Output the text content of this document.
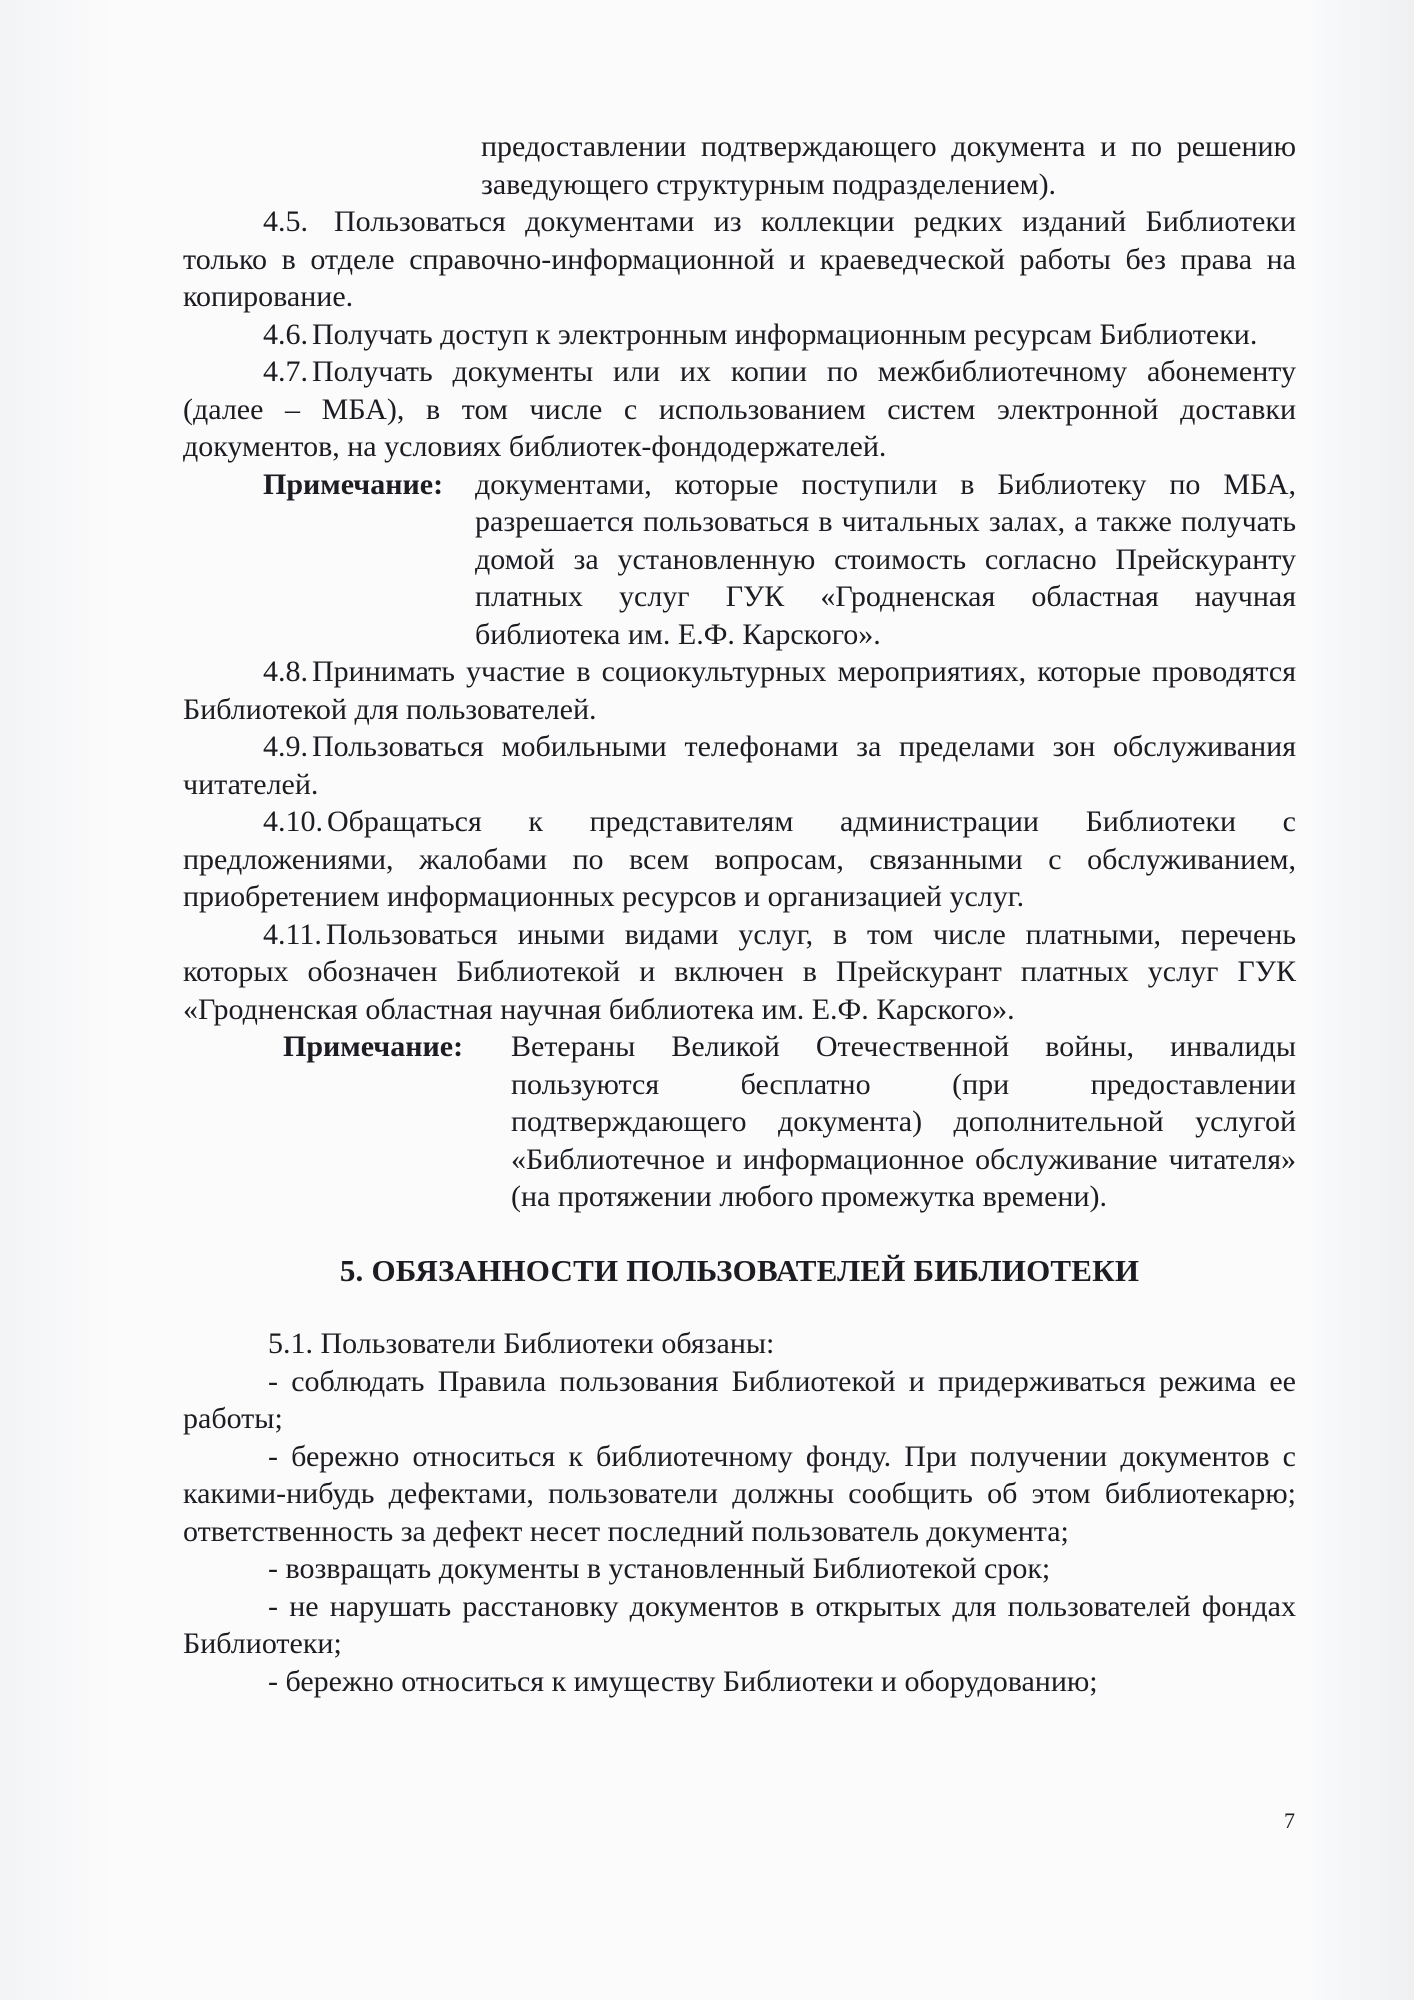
предоставлении подтверждающего документа и по решению заведующего структурным подразделением).

4.5. Пользоваться документами из коллекции редких изданий Библиотеки только в отделе справочно-информационной и краеведческой работы без права на копирование.

4.6. Получать доступ к электронным информационным ресурсам Библиотеки.

4.7. Получать документы или их копии по межбиблиотечному абонементу (далее – МБА), в том числе с использованием систем электронной доставки документов, на условиях библиотек-фондодержателей.

Примечание:	документами, которые поступили в Библиотеку по МБА, разрешается пользоваться в читальных залах, а также получать домой за установленную стоимость согласно Прейскуранту платных услуг ГУК «Гродненская областная научная библиотека им. Е.Ф. Карского».

4.8. Принимать участие в социокультурных мероприятиях, которые проводятся Библиотекой для пользователей.

4.9. Пользоваться мобильными телефонами за пределами зон обслуживания читателей.

4.10. Обращаться к представителям администрации Библиотеки с предложениями, жалобами по всем вопросам, связанными с обслуживанием, приобретением информационных ресурсов и организацией услуг.

4.11. Пользоваться иными видами услуг, в том числе платными, перечень которых обозначен Библиотекой и включен в Прейскурант платных услуг ГУК «Гродненская областная научная библиотека им. Е.Ф. Карского».

Примечание:	Ветераны Великой Отечественной войны, инвалиды пользуются бесплатно (при предоставлении подтверждающего документа) дополнительной услугой «Библиотечное и информационное обслуживание читателя» (на протяжении любого промежутка времени).

5. ОБЯЗАННОСТИ ПОЛЬЗОВАТЕЛЕЙ БИБЛИОТЕКИ

5.1. Пользователи Библиотеки обязаны:

- соблюдать Правила пользования Библиотекой и придерживаться режима ее работы;

- бережно относиться к библиотечному фонду. При получении документов с какими-нибудь дефектами, пользователи должны сообщить об этом библиотекарю; ответственность за дефект несет последний пользователь документа;

- возвращать документы в установленный Библиотекой срок;

- не нарушать расстановку документов в открытых для пользователей фондах Библиотеки;

- бережно относиться к имуществу Библиотеки и оборудованию;

7
